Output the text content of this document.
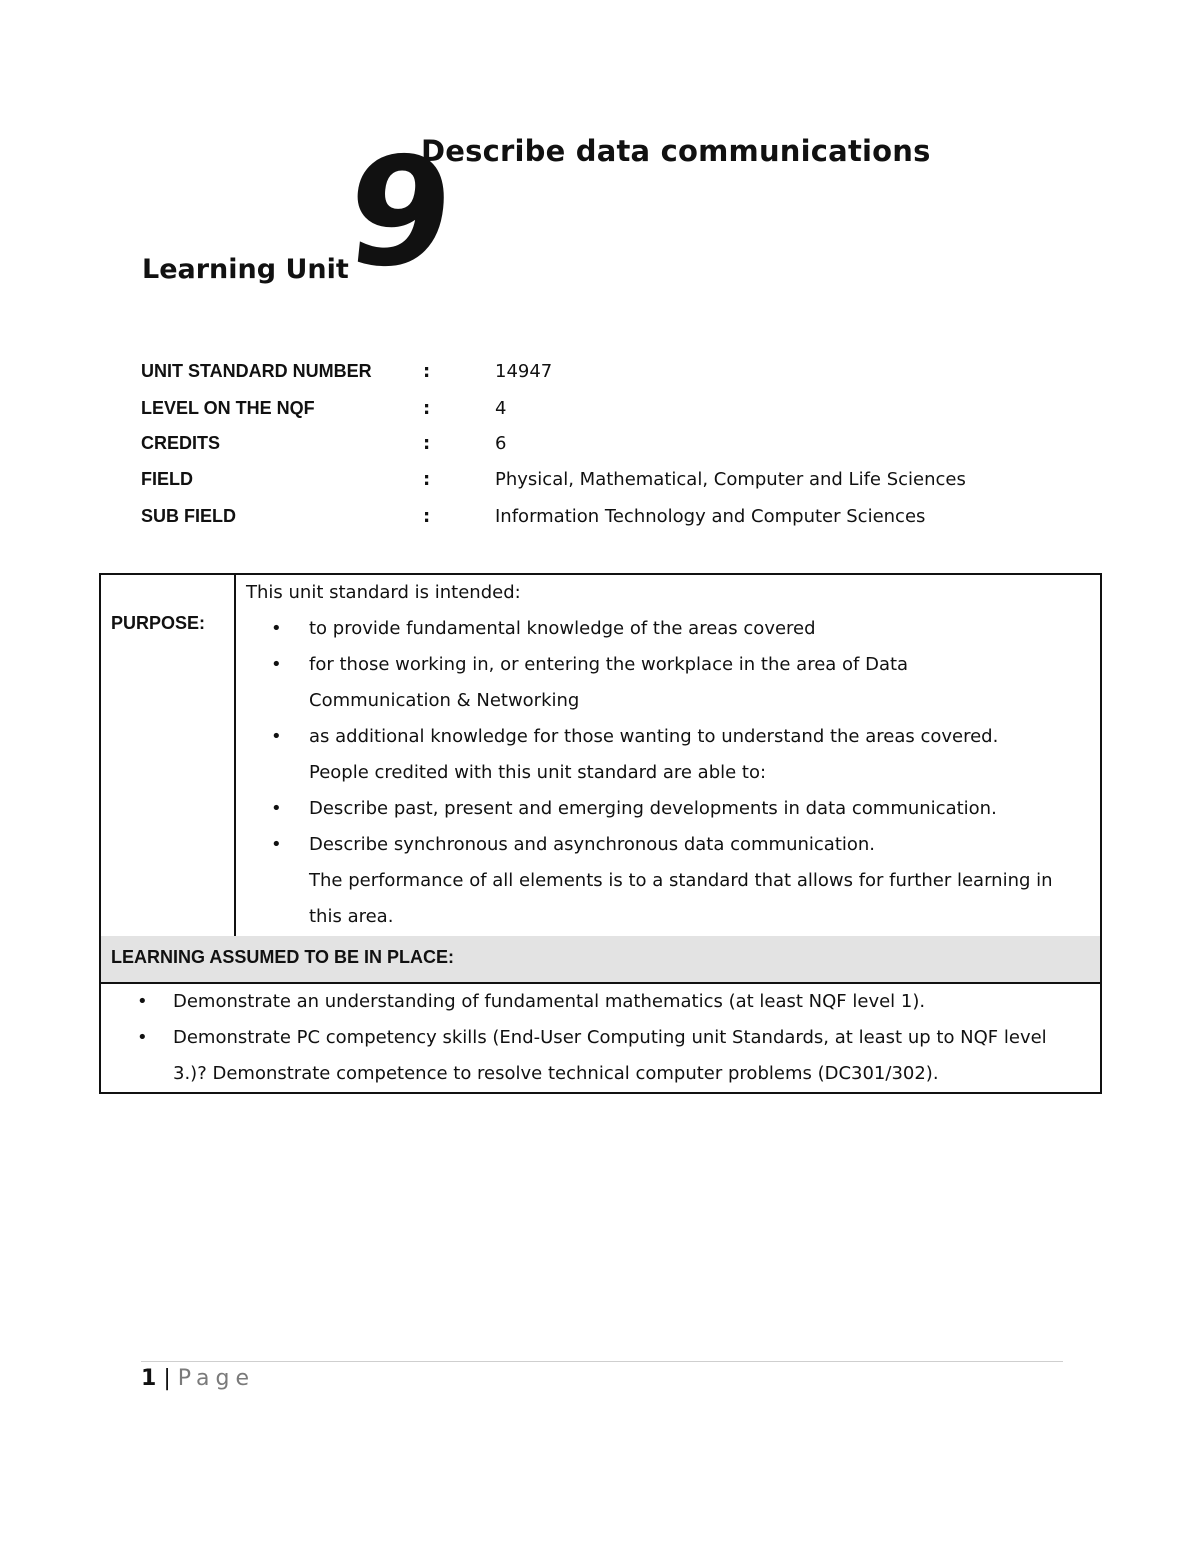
Describe data communications
Learning Unit
9
UNIT STANDARD NUMBER	:	14947
LEVEL ON THE NQF	:	4
CREDITS	:	6
FIELD	:	Physical, Mathematical, Computer and Life Sciences
SUB FIELD	:	Information Technology and Computer Sciences
PURPOSE:
This unit standard is intended:
• to provide fundamental knowledge of the areas covered
• for those working in, or entering the workplace in the area of Data
Communication & Networking
• as additional knowledge for those wanting to understand the areas covered.
People credited with this unit standard are able to:
• Describe past, present and emerging developments in data communication.
• Describe synchronous and asynchronous data communication.
The performance of all elements is to a standard that allows for further learning in
this area.
LEARNING ASSUMED TO BE IN PLACE:
• Demonstrate an understanding of fundamental mathematics (at least NQF level 1).
• Demonstrate PC competency skills (End-User Computing unit Standards, at least up to NQF level
3.)? Demonstrate competence to resolve technical computer problems (DC301/302).
1 | Page
